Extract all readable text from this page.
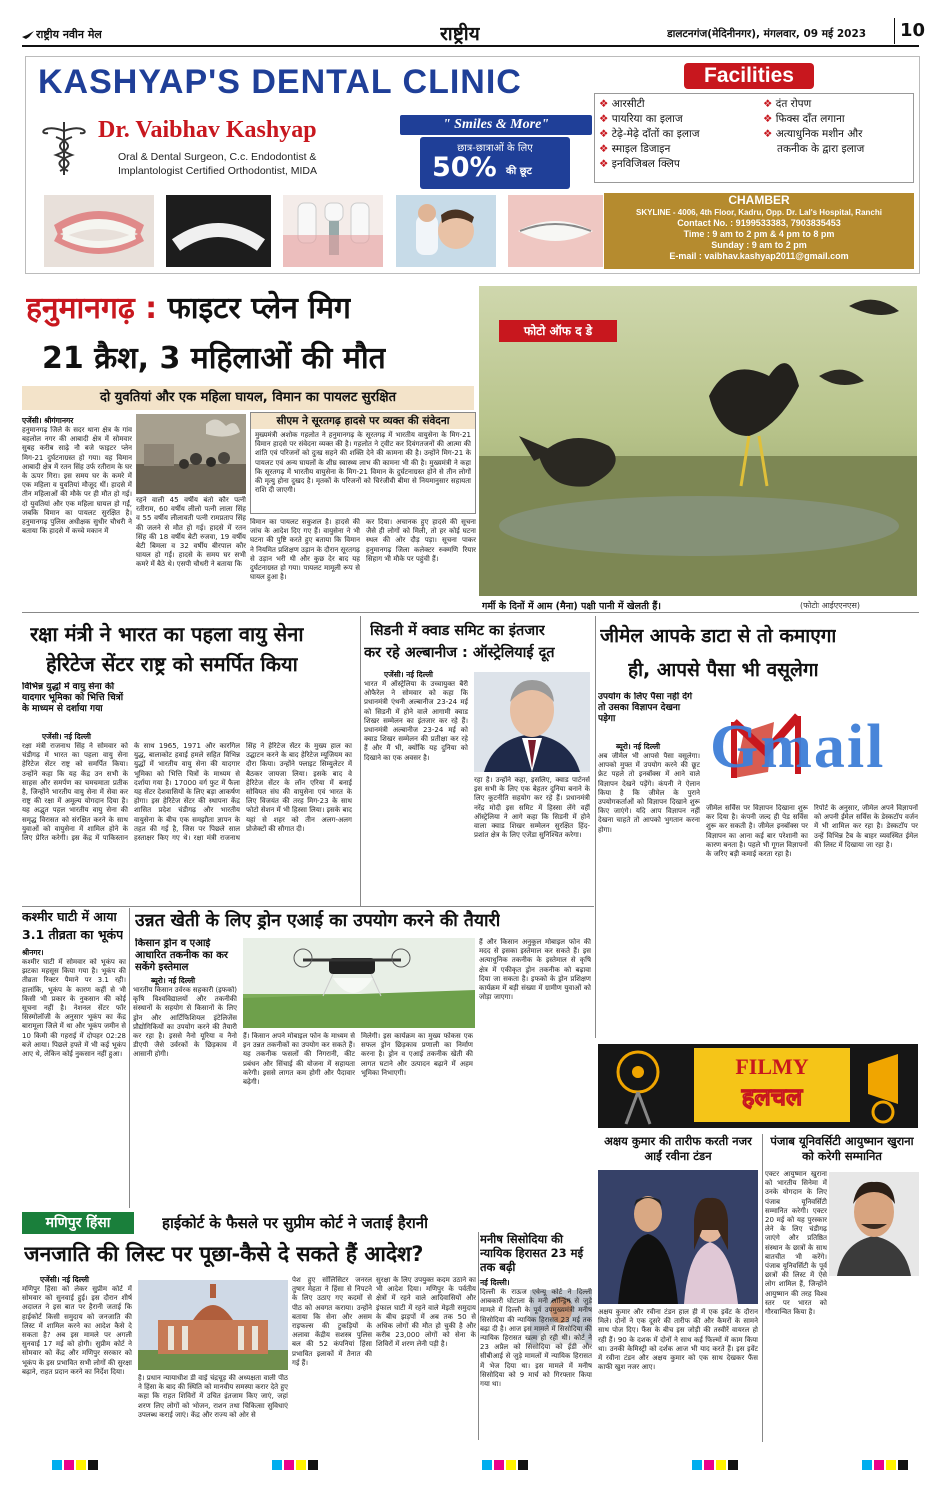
राष्ट्रीय नवीन मेल	राष्ट्रीय	डालटनगंज(मेदिनीनगर), मंगलवार, 09 मई 2023 10
KASHYAP'S DENTAL CLINIC
Dr. Vaibhav Kashyap
Oral & Dental Surgeon, C.c. Endodontist &
Implantologist Certified Orthodontist, MIDA
" Smiles & More"
छात्र-छात्राओं के लिए
50% की छूट
Facilities
❖ आरसीटी
❖ पायरिया का इलाज
❖ टेढ़े-मेढ़े दाँतों का इलाज
❖ स्माइल डिजाइन
❖ इनविजिबल क्लिप
❖ दंत रोपण
❖ फिक्स दाँत लगाना
❖ अत्याधुनिक मशीन और
तकनीक के द्वारा इलाज
CHAMBER
SKYLINE - 4006, 4th Floor, Kadru, Opp. Dr. Lal's Hospital, Ranchi
Contact No. : 9199533383, 7903835453
Time : 9 am to 2 pm & 4 pm to 8 pm
Sunday : 9 am to 2 pm
E-mail : vaibhav.kashyap2011@gmail.com
हनुमानगढ़ : फाइटर प्लेन मिग
21 क्रैश, 3 महिलाओं की मौत
दो युवतियां और एक महिला घायल, विमान का पायलट सुरक्षित
एजेंसी। श्रीगंगानगर
हनुमानगढ़ जिले के सदर थाना क्षेत्र के गांव बहलोल नगर की आबादी क्षेत्र में सोमवार सुबह करीब साढ़े नौ बजे फाइटर प्लेन मिग-21 दुर्घटनाग्रस्त हो गया। यह विमान आबादी क्षेत्र में रतन सिंह उर्फ रतीराम के घर के ऊपर गिरा। इस समय घर के कमरे में एक महिला व युवतियां मौजूद थीं। हादसे में तीन महिलाओं की मौके पर ही मौत हो गई। दो युवतियां और एक महिला घायल हो गईं, जबकि विमान का पायलट सुरक्षित है। हनुमानगढ़ पुलिस अधीक्षक सुधीर चौधरी ने बताया कि हादसे में कच्चे मकान में
रहने वाली 45 वर्षीय बंतो कौर पत्नी रतीराम, 60 वर्षीय लीलो पत्नी लाला सिंह व 55 वर्षीय लीलावती पत्नी रामप्रताप सिंह की जलने से मौत हो गई। हादसे में रतन सिंह की 18 वर्षीय बेटी रुजवा, 19 वर्षीय बेटी बिमला व 32 वर्षीय बीरपाल कौर घायल हो गईं। हादसे के समय घर सभी कमरे में बैठे थे। एसपी चौधरी ने बताया कि
सीएम ने सूरतगढ़ हादसे पर व्यक्त की संवेदना
मुख्यमंत्री अशोक गहलोत ने हनुमानगढ़ के सूरतगढ़ में भारतीय वायुसेना के मिग-21 विमान हादसे पर संवेदना व्यक्त की है। गहलोत ने ट्वीट कर दिवंगतजनों की आत्मा की शांति एवं परिजनों को दुःख सहने की शक्ति देने की कामना की है। उन्होंने मिग-21 के पायलट एवं अन्य घायलों के शीघ्र स्वास्थ्य लाभ की कामना भी की है। मुख्यमंत्री ने कहा कि सूरतगढ़ में भारतीय वायुसेना के मिग-21 विमान के दुर्घटनाग्रस्त होने से तीन लोगों की मृत्यु होना दुखद है। मृतकों के परिजनों को चिरंजीवी बीमा से नियमानुसार सहायता राशि दी जाएगी।
विमान का पायलट सकुशल है। हादसे की जांच के आदेश दिए गए हैं। वायुसेना ने भी घटना की पुष्टि करते हुए बताया कि विमान ने नियमित प्रशिक्षण उड़ान के दौरान सूरतगढ़ से उड़ान भरी थी और कुछ देर बाद यह दुर्घटनाग्रस्त हो गया। पायलट मामूली रूप से घायल हुआ है।
कर दिया। अचानक हुए हादसे की सूचना जैसे ही लोगों को मिली, तो हर कोई घटना स्थल की ओर दौड़ पड़ा। सूचना पाकर हनुमानगढ़ जिला कलेक्टर रुक्मणि रियार सिहाग भी मौके पर पहुंची हैं।
फोटो ऑफ द डे
गर्मी के दिनों में आम (मैना) पक्षी पानी में खेलती हैं।	(फोटोः आईएएनएस)
रक्षा मंत्री ने भारत का पहला वायु सेना
हेरिटेज सेंटर राष्ट्र को समर्पित किया
विभिन्न युद्धों में वायु सेना की यादगार भूमिका को भित्ति चित्रों के माध्यम से दर्शाया गया
एजेंसी। नई दिल्ली
रक्षा मंत्री राजनाथ सिंह ने सोमवार को चंडीगढ़ में भारत का पहला वायु सेना हेरिटेज सेंटर राष्ट्र को समर्पित किया। उन्होंने कहा कि यह केंद्र उन सभी के साहस और समर्पण का चमचमाता प्रतीक है, जिन्होंने भारतीय वायु सेना में सेवा कर राष्ट्र की रक्षा में अमूल्य योगदान दिया है। यह अद्भुत पहल भारतीय वायु सेना की समृद्ध विरासत को संरक्षित करने के साथ युवाओं को वायुसेना में शामिल होने के लिए प्रेरित करेगी। इस केंद्र में पाकिस्तान के साथ 1965, 1971 और कारगिल युद्ध, बालाकोट हवाई हमले सहित विभिन्न युद्धों में भारतीय वायु सेना की यादगार भूमिका को भित्ति चित्रों के माध्यम से दर्शाया गया है। 17000 वर्ग फुट में फैला यह सेंटर देशवासियों के लिए बड़ा आकर्षण होगा। इस हेरिटेज सेंटर की स्थापना केंद्र शासित प्रदेश चंडीगढ़ और भारतीय वायुसेना के बीच एक समझौता ज्ञापन के तहत की गई है, जिस पर पिछले साल हस्ताक्षर किए गए थे। रक्षा मंत्री राजनाथ सिंह ने हेरिटेज सेंटर के मुख्य हाल का उद्घाटन करने के बाद हेरिटेज म्यूजियम का दौरा किया। उन्होंने फ्लाइट सिम्युलेटर में बैठकर जायजा लिया। इसके बाद वे हेरिटेज सेंटर के लॉन एरिया में बनाई सोवियत संघ की वायुसेना एवं भारत के लिए विजयंत की तरह मिग-23 के साथ फोटो सेशन में भी हिस्सा लिया। इसके बाद यहां से शहर को तीन अलग-अलग प्रोजेक्टों की सौगात दी।
सिडनी में क्वाड समिट का इंतजार
कर रहे अल्बानीज : ऑस्ट्रेलियाई दूत
एजेंसी। नई दिल्ली
भारत में ऑस्ट्रेलिया के उच्चायुक्त बैरी ओफैरेल ने सोमवार को कहा कि प्रधानमंत्री एंथनी अल्बानीज 23-24 मई को सिडनी में होने वाले आगामी क्वाड शिखर सम्मेलन का इंतजार कर रहे हैं। प्रधानमंत्री अल्बानीज 23-24 मई को क्वाड शिखर सम्मेलन की प्रतीक्षा कर रहे हैं और मैं भी, क्योंकि यह दुनिया को दिखाने का एक अवसर है।
रहा है। उन्होंने कहा, इसलिए, क्वाड पार्टनर्स इस सभी के लिए एक बेहतर दुनिया बनाने के लिए कूटनीति सहयोग कर रहे हैं। प्रधानमंत्री नरेंद्र मोदी इस समिट में हिस्सा लेंगे वहीं ऑस्ट्रेलिया ने आगे कहा कि सिडनी में होने वाला क्वाड शिखर सम्मेलन सुरक्षित हिंद-प्रशांत क्षेत्र के लिए एजेंडा सुनिश्चित करेगा।
जीमेल आपके डाटा से तो कमाएगा
ही, आपसे पैसा भी वसूलेगा
उपयोग के लिए पैसा नहीं देंगे तो उसका विज्ञापन देखना पड़ेगा
ब्यूरो। नई दिल्ली Gmail
अब जीमेल भी आपसे पैसा वसूलेगा। आपको मुफ्त में उपयोग करने की छूट फ्रेट पहले तो इनबॉक्स में आने वाले विज्ञापन देखने पड़ेंगे। कंपनी ने ऐलान किया है कि जीमेल के पुराने उपयोगकर्ताओं को विज्ञापन दिखाने शुरू किए जाएंगे। यदि आप विज्ञापन नहीं देखना चाहते तो आपको भुगतान करना होगा।
जीमेल सर्विस पर विज्ञापन दिखाना शुरू कर दिया है। कंपनी जल्द ही पेड सर्विस शुरू कर सकती है। जीमेल इनबॉक्स पर विज्ञापन का आना कई बार परेशानी का कारण बनता है। पहले भी गूगल विज्ञापनों के जरिए बड़ी कमाई करता रहा है।
रिपोर्ट के अनुसार, जीमेल अपने विज्ञापनों को अपनी ईमेल सर्विस के डेस्कटॉप वर्जन में भी शामिल कर रहा है। डेस्कटॉप पर उन्हें विभिन्न टैब के बाहर व्यवस्थित ईमेल की लिस्ट में दिखाया जा रहा है।
कश्मीर घाटी में आया
3.1 तीव्रता का भूकंप
श्रीनगर।
कश्मीर घाटी में सोमवार को भूकंप का झटका महसूस किया गया है। भूकंप की तीव्रता रिक्टर पैमाने पर 3.1 रही। हालांकि, भूकंप के कारण कहीं से भी किसी भी प्रकार के नुकसान की कोई सूचना नहीं है। नेशनल सेंटर फॉर सिस्मोलॉजी के अनुसार भूकंप का केंद्र बारामूला जिले में था और भूकंप जमीन से 10 किमी की गहराई में दोपहर 02:28 बजे आया। पिछले हफ्ते में भी कई भूकंप आए थे, लेकिन कोई नुकसान नहीं हुआ।
उन्नत खेती के लिए ड्रोन एआई का उपयोग करने की तैयारी
किसान ड्रोन व एआई आधारित तकनीक का कर सकेंगे इस्तेमाल
ब्यूरो। नई दिल्ली
भारतीय किसान उर्वरक सहकारी (इफको) कृषि विश्वविद्यालयों और तकनीकी संस्थानों के सहयोग से किसानों के लिए ड्रोन और आर्टिफिशियल इंटेलिजेंस प्रौद्योगिकियों का उपयोग करने की तैयारी कर रहा है। इससे नैनो यूरिया व नैनो डीएपी जैसे उर्वरकों के छिड़काव में आसानी होगी।
हैं। किसान अपने मोबाइल फोन के माध्यम से इन उन्नत तकनीकों का उपयोग कर सकते हैं। यह तकनीक फसलों की निगरानी, कीट प्रबंधन और सिंचाई की योजना में सहायता करेगी। इससे लागत कम होगी और पैदावार बढ़ेगी।
मिलेगी। इस कार्यक्रम का मुख्य फोकस एक सफल ड्रोन छिड़काव प्रणाली का निर्माण करना है। ड्रोन व एआई तकनीक खेती की लागत घटाने और उत्पादन बढ़ाने में अहम भूमिका निभाएगी।
हैं और किसान अनुकूल मोबाइल फोन की मदद से इसका इस्तेमाल कर सकते हैं। इस अत्याधुनिक तकनीक के इस्तेमाल से कृषि क्षेत्र में एकीकृत ड्रोन तकनीक को बढ़ावा दिया जा सकता है। इफको के ड्रोन प्रशिक्षण कार्यक्रम में बड़ी संख्या में ग्रामीण युवाओं को जोड़ा जाएगा।
FILMY
हलचल
मणिपुर हिंसा	हाईकोर्ट के फैसले पर सुप्रीम कोर्ट ने जताई हैरानी
जनजाति की लिस्ट पर पूछा-कैसे दे सकते हैं आदेश?
एजेंसी। नई दिल्ली
मणिपुर हिंसा को लेकर सुप्रीम कोर्ट में सोमवार को सुनवाई हुई। इस दौरान शीर्ष अदालत ने इस बात पर हैरानी जताई कि हाईकोर्ट किसी समुदाय को जनजाति की लिस्ट में शामिल करने का आदेश कैसे दे सकता है? अब इस मामले पर अगली सुनवाई 17 मई को होगी। सुप्रीम कोर्ट ने सोमवार को केंद्र और मणिपुर सरकार को भूकंप के इस प्रभावित सभी लोगों की सुरक्षा बढ़ाने, राहत प्रदान करने का निर्देश दिया।
है। प्रधान न्यायाधीश डी वाई चंद्रचूड़ की अध्यक्षता वाली पीठ ने हिंसा के बाद की स्थिति को मानवीय समस्या करार देते हुए कहा कि राहत शिविरों में उचित इंतजाम किए जाएं, जहां शरण लिए लोगों को भोजन, राशन तथा चिकित्सा सुविधाएं उपलब्ध कराई जाएं। केंद्र और राज्य को ओर से
पेश हुए सॉलिसिटर जनरल तुषार मेहता ने हिंसा से निपटने के लिए उठाए गए कदमों से पीठ को अवगत कराया। उन्होंने बताया कि सेना और असम राइफल्स की टुकड़ियों के अलावा केंद्रीय सशस्त्र पुलिस बल की 52 कंपनियां हिंसा प्रभावित इलाकों में तैनात की गई हैं।
सुरक्षा के लिए उपयुक्त कदम उठाने का भी आदेश दिया। मणिपुर के पर्वतीय क्षेत्रों में रहने वाले आदिवासियों और इंफाल घाटी में रहने वाले मेइती समुदाय के बीच झड़पों में अब तक 50 से अधिक लोगों की मौत हो चुकी है और करीब 23,000 लोगों को सेना के शिविरों में शरण लेनी पड़ी है।
मनीष सिसोदिया की न्यायिक हिरासत 23 मई तक बढ़ी
नई दिल्ली।
दिल्ली के राऊज एवेन्यू कोर्ट ने दिल्ली आबकारी घोटाला के मनी लॉन्ड्रिंग से जुड़े मामले में दिल्ली के पूर्व उपमुख्यमंत्री मनीष सिसोदिया की न्यायिक हिरासत 23 मई तक बढ़ा दी है। आज इस मामले में सिसोदिया की न्यायिक हिरासत खत्म हो रही थी। कोर्ट ने 23 अप्रैल को सिसोदिया को ईडी और सीबीआई से जुड़े मामलों में न्यायिक हिरासत में भेज दिया था। इस मामले में मनीष सिसोदिया को 9 मार्च को गिरफ्तार किया गया था।
अक्षय कुमार की तारीफ करती नजर आईं रवीना टंडन
अक्षय कुमार और रवीना टंडन हाल ही में एक इवेंट के दौरान मिले। दोनों ने एक दूसरे की तारीफ की और कैमरों के सामने साथ पोज दिए। फैंस के बीच इस जोड़ी की तस्वीरें वायरल हो रही हैं। 90 के दशक में दोनों ने साथ कई फिल्मों में काम किया था। उनकी केमिस्ट्री को दर्शक आज भी याद करते हैं। इस इवेंट में रवीना टंडन और अक्षय कुमार को एक साथ देखकर फैंस काफी खुश नजर आए।
पंजाब यूनिवर्सिटी आयुष्मान खुराना को करेगी सम्मानित
एक्टर आयुष्मान खुराना को भारतीय सिनेमा में उनके योगदान के लिए पंजाब यूनिवर्सिटी सम्मानित करेगी। एक्टर 20 मई को यह पुरस्कार लेने के लिए चंडीगढ़ जाएंगे और प्रतिष्ठित संस्थान के छात्रों के साथ बातचीत भी करेंगे। पंजाब यूनिवर्सिटी के पूर्व छात्रों की लिस्ट में ऐसे लोग शामिल हैं, जिन्होंने आयुष्मान की तरह विश्व स्तर पर भारत को गौरवान्वित किया है।
